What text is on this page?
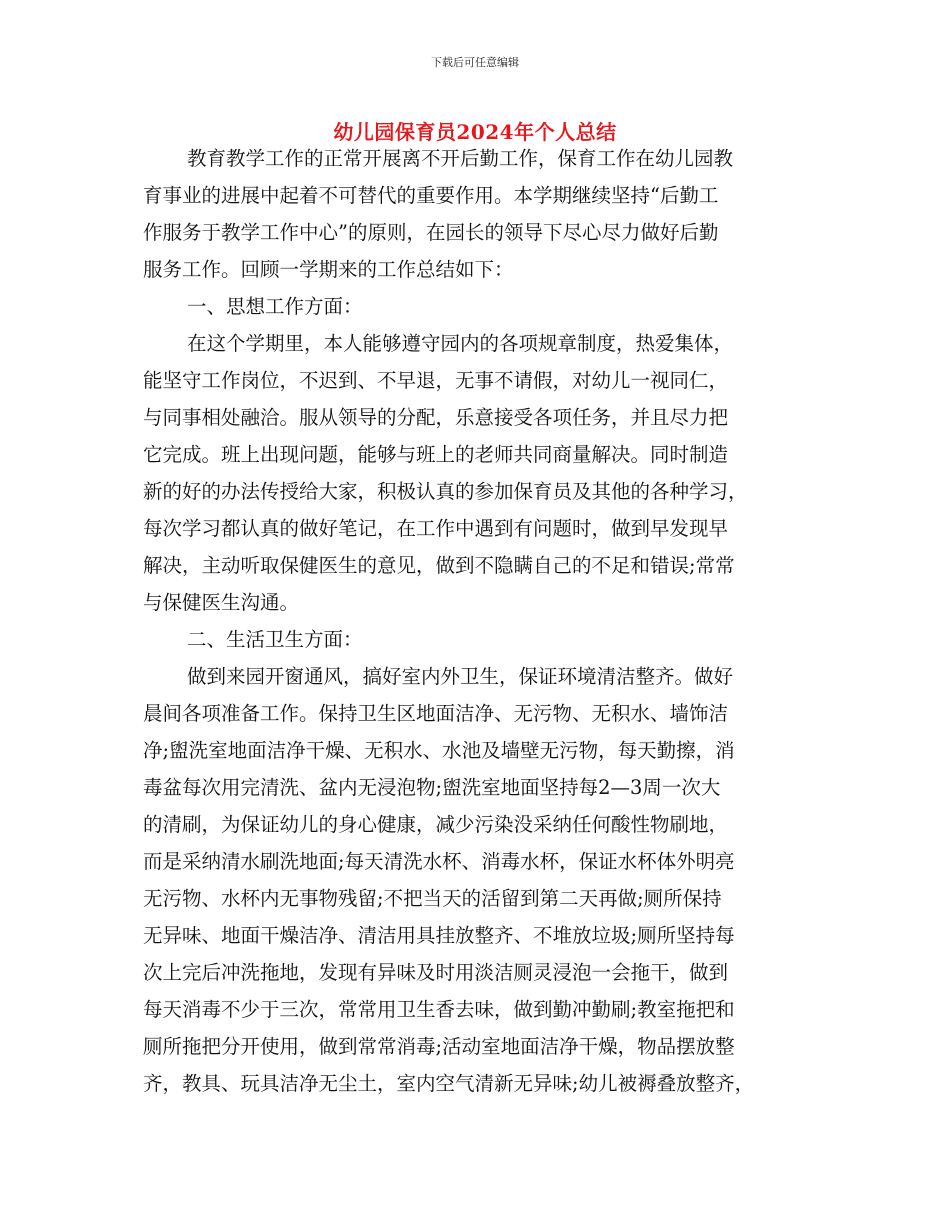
下载后可任意编辑
幼儿园保育员2024年个人总结
教育教学工作的正常开展离不开后勤工作，保育工作在幼儿园教
育事业的进展中起着不可替代的重要作用。本学期继续坚持“后勤工
作服务于教学工作中心”的原则，在园长的领导下尽心尽力做好后勤
服务工作。回顾一学期来的工作总结如下：
一、思想工作方面：
在这个学期里，本人能够遵守园内的各项规章制度，热爱集体，
能坚守工作岗位，不迟到、不早退，无事不请假，对幼儿一视同仁，
与同事相处融洽。服从领导的分配，乐意接受各项任务，并且尽力把
它完成。班上出现问题，能够与班上的老师共同商量解决。同时制造
新的好的办法传授给大家，积极认真的参加保育员及其他的各种学习，
每次学习都认真的做好笔记，在工作中遇到有问题时，做到早发现早
解决，主动听取保健医生的意见，做到不隐瞒自己的不足和错误;常常
与保健医生沟通。
二、生活卫生方面：
做到来园开窗通风，搞好室内外卫生，保证环境清洁整齐。做好
晨间各项准备工作。保持卫生区地面洁净、无污物、无积水、墙饰洁
净;盥洗室地面洁净干燥、无积水、水池及墙壁无污物，每天勤擦，消
毒盆每次用完清洗、盆内无浸泡物;盥洗室地面坚持每2—3周一次大
的清刷，为保证幼儿的身心健康，减少污染没采纳任何酸性物刷地，
而是采纳清水刷洗地面;每天清洗水杯、消毒水杯，保证水杯体外明亮
无污物、水杯内无事物残留;不把当天的活留到第二天再做;厕所保持
无异味、地面干燥洁净、清洁用具挂放整齐、不堆放垃圾;厕所坚持每
次上完后冲洗拖地，发现有异味及时用淡洁厕灵浸泡一会拖干，做到
每天消毒不少于三次，常常用卫生香去味，做到勤冲勤刷;教室拖把和
厕所拖把分开使用，做到常常消毒;活动室地面洁净干燥，物品摆放整
齐，教具、玩具洁净无尘土，室内空气清新无异味;幼儿被褥叠放整齐，
